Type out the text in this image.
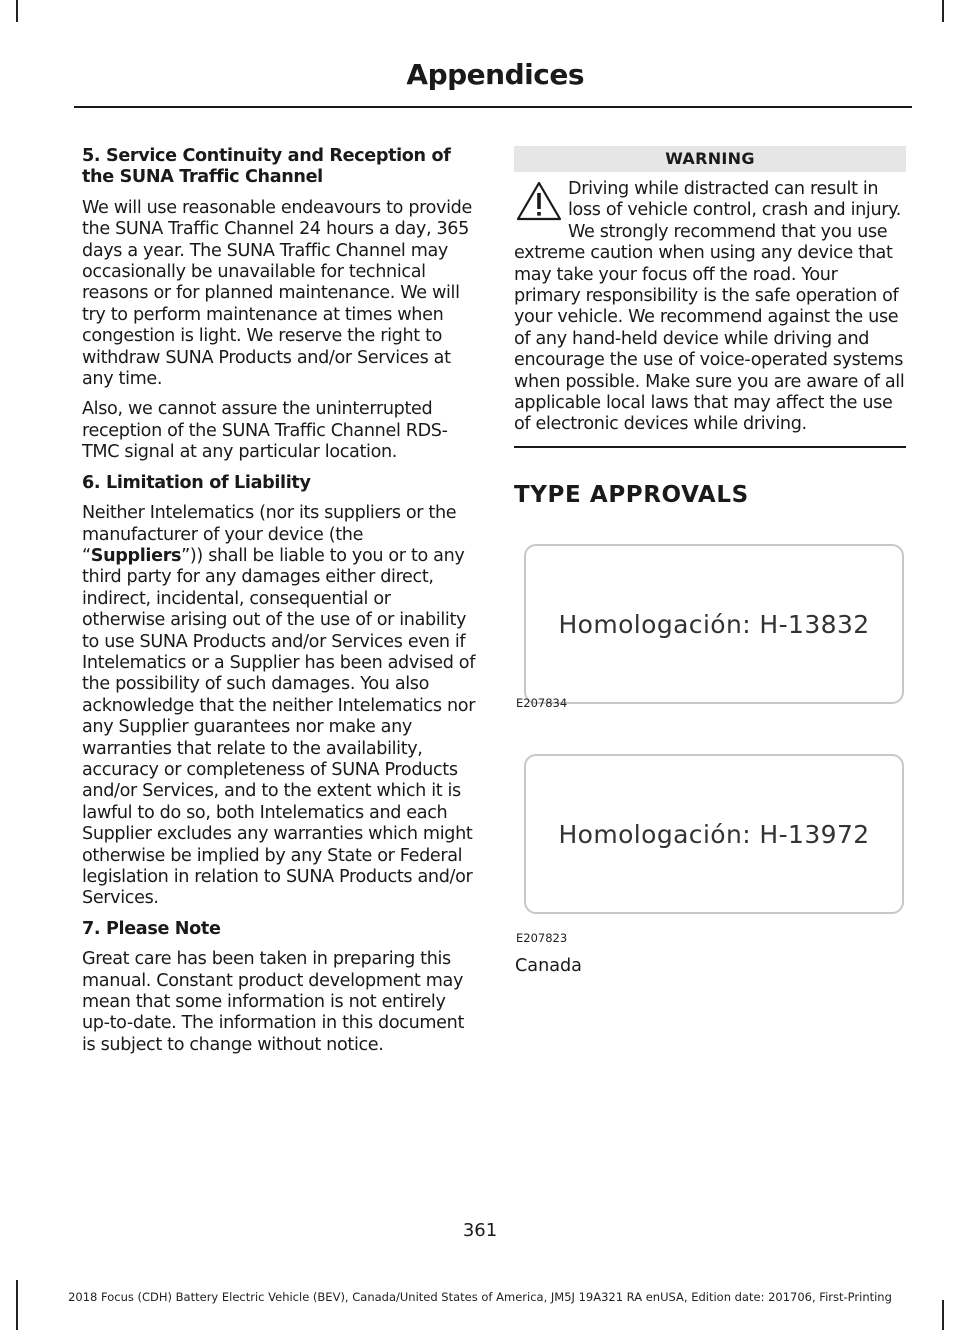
Appendices
5. Service Continuity and Reception of the SUNA Traffic Channel

We will use reasonable endeavours to provide the SUNA Traffic Channel 24 hours a day, 365 days a year. The SUNA Traffic Channel may occasionally be unavailable for technical reasons or for planned maintenance. We will try to perform maintenance at times when congestion is light. We reserve the right to withdraw SUNA Products and/or Services at any time.

Also, we cannot assure the uninterrupted reception of the SUNA Traffic Channel RDS-TMC signal at any particular location.

6. Limitation of Liability

Neither Intelematics (nor its suppliers or the manufacturer of your device (the “Suppliers”)) shall be liable to you or to any third party for any damages either direct, indirect, incidental, consequential or otherwise arising out of the use of or inability to use SUNA Products and/or Services even if Intelematics or a Supplier has been advised of the possibility of such damages. You also acknowledge that the neither Intelematics nor any Supplier guarantees nor make any warranties that relate to the availability, accuracy or completeness of SUNA Products and/or Services, and to the extent which it is lawful to do so, both Intelematics and each Supplier excludes any warranties which might otherwise be implied by any State or Federal legislation in relation to SUNA Products and/or Services.

7. Please Note

Great care has been taken in preparing this manual. Constant product development may mean that some information is not entirely up-to-date. The information in this document is subject to change without notice.

WARNING
Driving while distracted can result in loss of vehicle control, crash and injury. We strongly recommend that you use extreme caution when using any device that may take your focus off the road. Your primary responsibility is the safe operation of your vehicle. We recommend against the use of any hand-held device while driving and encourage the use of voice-operated systems when possible. Make sure you are aware of all applicable local laws that may affect the use of electronic devices while driving.
TYPE APPROVALS
Homologación: H-13832
E207834
Homologación: H-13972
E207823
Canada
361
2018 Focus (CDH) Battery Electric Vehicle (BEV), Canada/United States of America, JM5J 19A321 RA enUSA, Edition date: 201706, First-Printing
